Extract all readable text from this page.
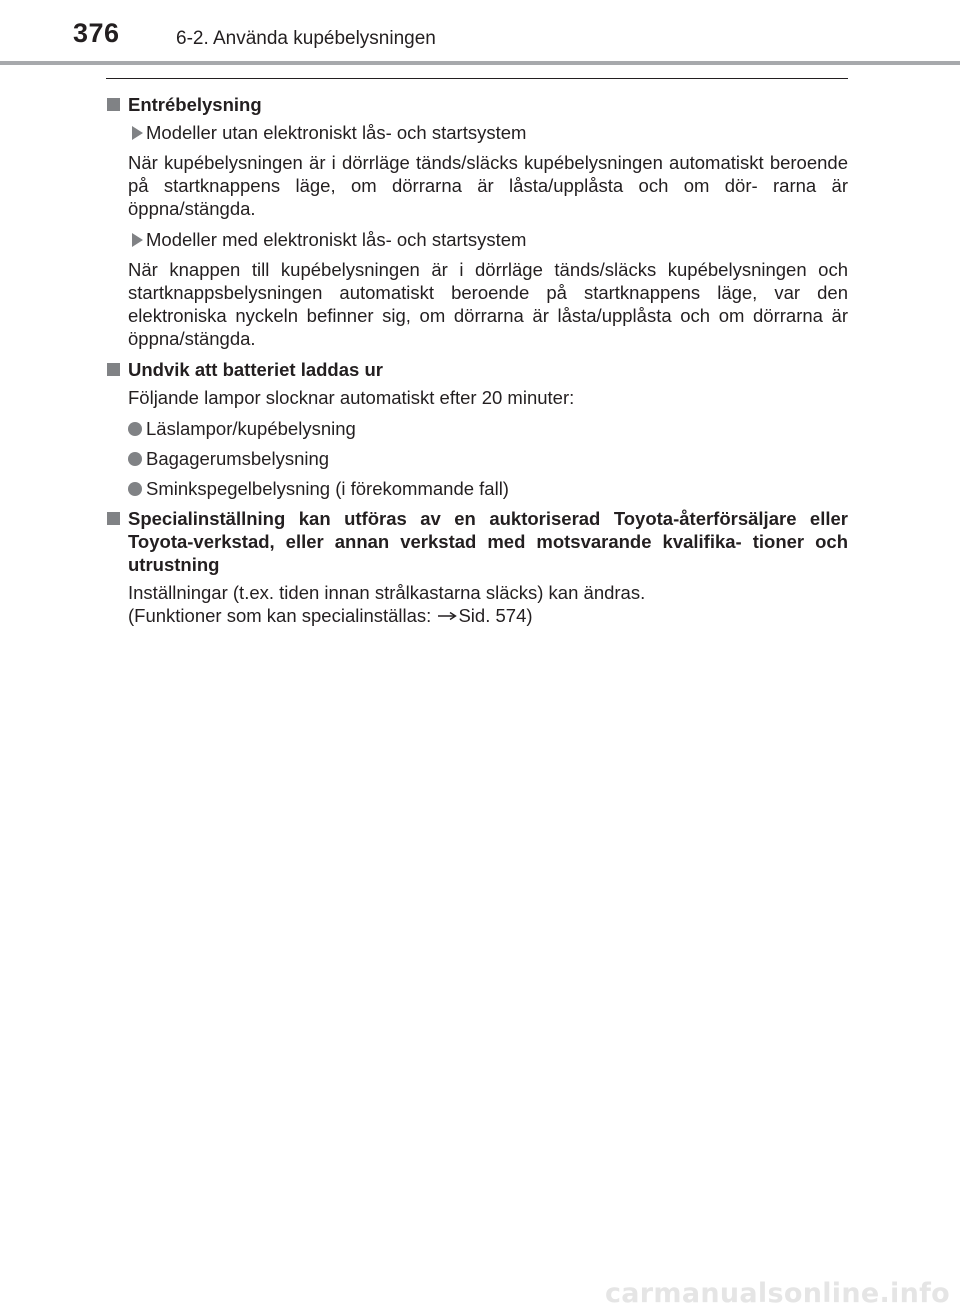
376	6-2. Använda kupébelysningen
Entrébelysning
Modeller utan elektroniskt lås- och startsystem
När kupébelysningen är i dörrläge tänds/släcks kupébelysningen automatiskt beroende på startknappens läge, om dörrarna är låsta/upplåsta och om dör- rarna är öppna/stängda.
Modeller med elektroniskt lås- och startsystem
När knappen till kupébelysningen är i dörrläge tänds/släcks kupébelysningen och startknappsbelysningen automatiskt beroende på startknappens läge, var den elektroniska nyckeln befinner sig, om dörrarna är låsta/upplåsta och om dörrarna är öppna/stängda.
Undvik att batteriet laddas ur
Följande lampor slocknar automatiskt efter 20 minuter:
Läslampor/kupébelysning
Bagagerumsbelysning
Sminkspegelbelysning (i förekommande fall)
Specialinställning kan utföras av en auktoriserad Toyota-återförsäljare eller Toyota-verkstad, eller annan verkstad med motsvarande kvalifika- tioner och utrustning
Inställningar (t.ex. tiden innan strålkastarna släcks) kan ändras.
(Funktioner som kan specialinställas: Sid. 574)
carmanualsonline.info
